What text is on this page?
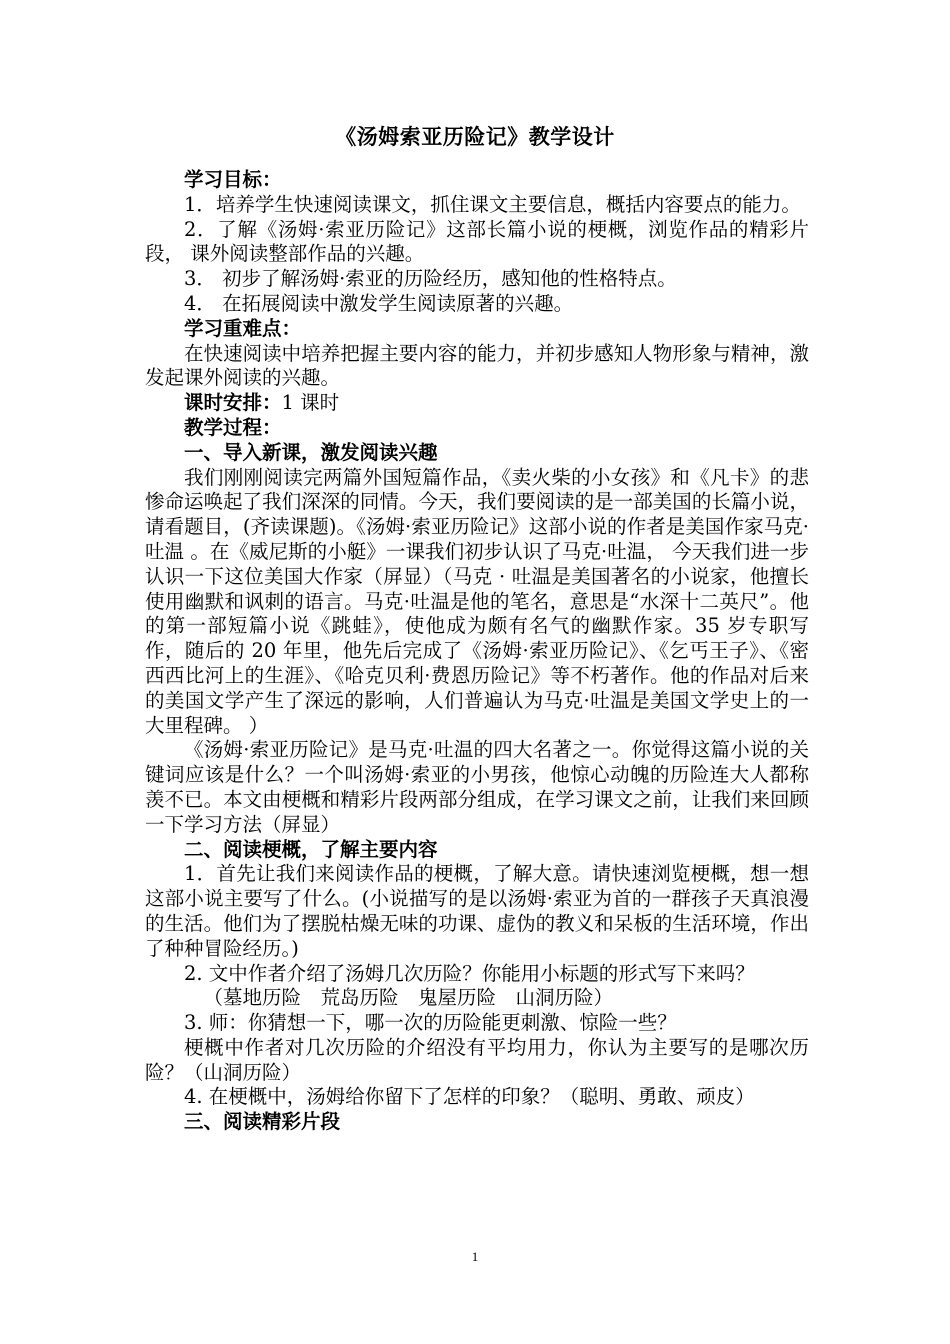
《汤姆索亚历险记》教学设计

学习目标：

1．培养学生快速阅读课文，抓住课文主要信息，概括内容要点的能力。

2．了解《汤姆·索亚历险记》这部长篇小说的梗概，浏览作品的精彩片段， 课外阅读整部作品的兴趣。

3． 初步了解汤姆·索亚的历险经历，感知他的性格特点。

4． 在拓展阅读中激发学生阅读原著的兴趣。

学习重难点：

在快速阅读中培养把握主要内容的能力，并初步感知人物形象与精神，激发起课外阅读的兴趣。

课时安排：1 课时

教学过程：

一、导入新课，激发阅读兴趣

我们刚刚阅读完两篇外国短篇作品，《卖火柴的小女孩》和《凡卡》的悲惨命运唤起了我们深深的同情。今天，我们要阅读的是一部美国的长篇小说，请看题目，(齐读课题)。《汤姆·索亚历险记》这部小说的作者是美国作家马克·吐温 。在《威尼斯的小艇》一课我们初步认识了马克·吐温， 今天我们进一步认识一下这位美国大作家（屏显）（马克 · 吐温是美国著名的小说家，他擅长使用幽默和讽刺的语言。马克·吐温是他的笔名，意思是“水深十二英尺”。他的第一部短篇小说《跳蛙》，使他成为颇有名气的幽默作家。35 岁专职写作，随后的 20 年里，他先后完成了《汤姆·索亚历险记》、《乞丐王子》、《密西西比河上的生涯》、《哈克贝利·费恩历险记》等不朽著作。他的作品对后来的美国文学产生了深远的影响，人们普遍认为马克·吐温是美国文学史上的一大里程碑。 ）

《汤姆·索亚历险记》是马克·吐温的四大名著之一。你觉得这篇小说的关键词应该是什么？一个叫汤姆·索亚的小男孩，他惊心动魄的历险连大人都称羡不已。本文由梗概和精彩片段两部分组成，在学习课文之前，让我们来回顾一下学习方法（屏显）

二、阅读梗概，了解主要内容

1．首先让我们来阅读作品的梗概，了解大意。请快速浏览梗概，想一想这部小说主要写了什么。(小说描写的是以汤姆·索亚为首的一群孩子天真浪漫的生活。他们为了摆脱枯燥无味的功课、虚伪的教义和呆板的生活环境，作出了种种冒险经历。)

2. 文中作者介绍了汤姆几次历险？你能用小标题的形式写下来吗？

（墓地历险　荒岛历险　鬼屋历险　山洞历险）

3. 师：你猜想一下，哪一次的历险能更刺激、惊险一些？

梗概中作者对几次历险的介绍没有平均用力，你认为主要写的是哪次历险？（山洞历险）

4. 在梗概中，汤姆给你留下了怎样的印象？（聪明、勇敢、顽皮）

三、阅读精彩片段

1
